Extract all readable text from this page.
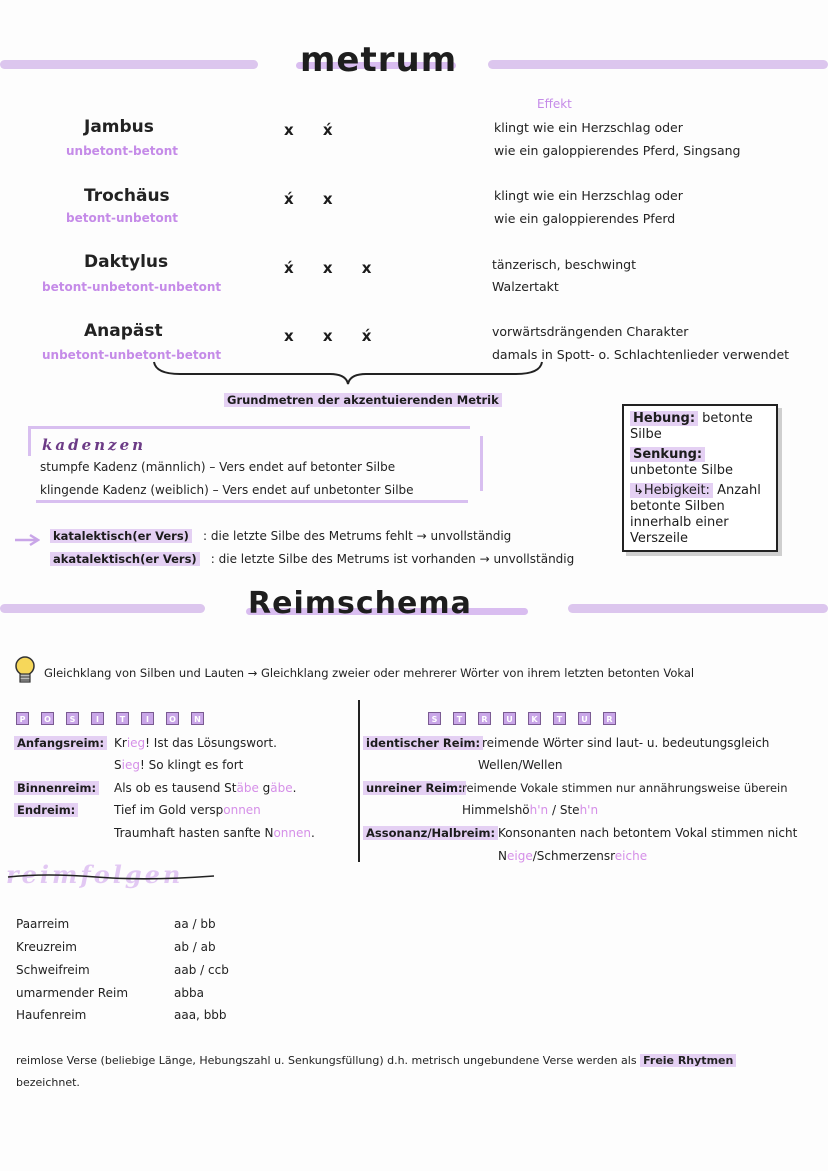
metrum
Effekt
Jambus
unbetont-betont
x x́	klingt wie ein Herzschlag oder
wie ein galoppierendes Pferd, Singsang
Trochäus
betont-unbetont
x́ x	klingt wie ein Herzschlag oder
wie ein galoppierendes Pferd
Daktylus
betont-unbetont-unbetont
x́ x x	tänzerisch, beschwingt
Walzertakt
Anapäst
unbetont-unbetont-betont
x x x́	vorwärtsdrängenden Charakter
damals in Spott- o. Schlachtenlieder verwendet
Grundmetren der akzentuierenden Metrik
kadenzen
stumpfe Kadenz (männlich) – Vers endet auf betonter Silbe
klingende Kadenz (weiblich) – Vers endet auf unbetonter Silbe
Hebung: betonte Silbe
Senkung: unbetonte Silbe
↳Hebigkeit: Anzahl betonte Silben innerhalb einer Verszeile
katalektisch(er Vers) : die letzte Silbe des Metrums fehlt → unvollständig
akatalektisch(er Vers) : die letzte Silbe des Metrums ist vorhanden → unvollständig
Reimschema
Gleichklang von Silben und Lauten → Gleichklang zweier oder mehrerer Wörter von ihrem letzten betonten Vokal
P O S	I	T	I	O N	S T R U K T U R
Anfangsreim: Krieg! Ist das Lösungswort.
Sieg! So klingt es fort
Binnenreim: Als ob es tausend Stäbe gäbe.
Endreim:	Tief im Gold versponnen
Traumhaft hasten sanfte Nonnen.
identischer Reim: reimende Wörter sind laut- u. bedeutungsgleich
Wellen/Wellen
unreiner Reim: reimende Vokale stimmen nur annährungsweise überein
Himmelshöh'n / Steh'n
Assonanz/Halbreim: Konsonanten nach betontem Vokal stimmen nicht
Neige/Schmerzensreiche
reimfolgen
Paarreim	aa / bb
Kreuzreim	ab / ab
Schweifreim	aab / ccb
umarmender Reim	abba
Haufenreim	aaa, bbb
reimlose Verse (beliebige Länge, Hebungszahl u. Senkungsfüllung) d.h. metrisch ungebundene Verse werden als Freie Rhytmen
bezeichnet.
